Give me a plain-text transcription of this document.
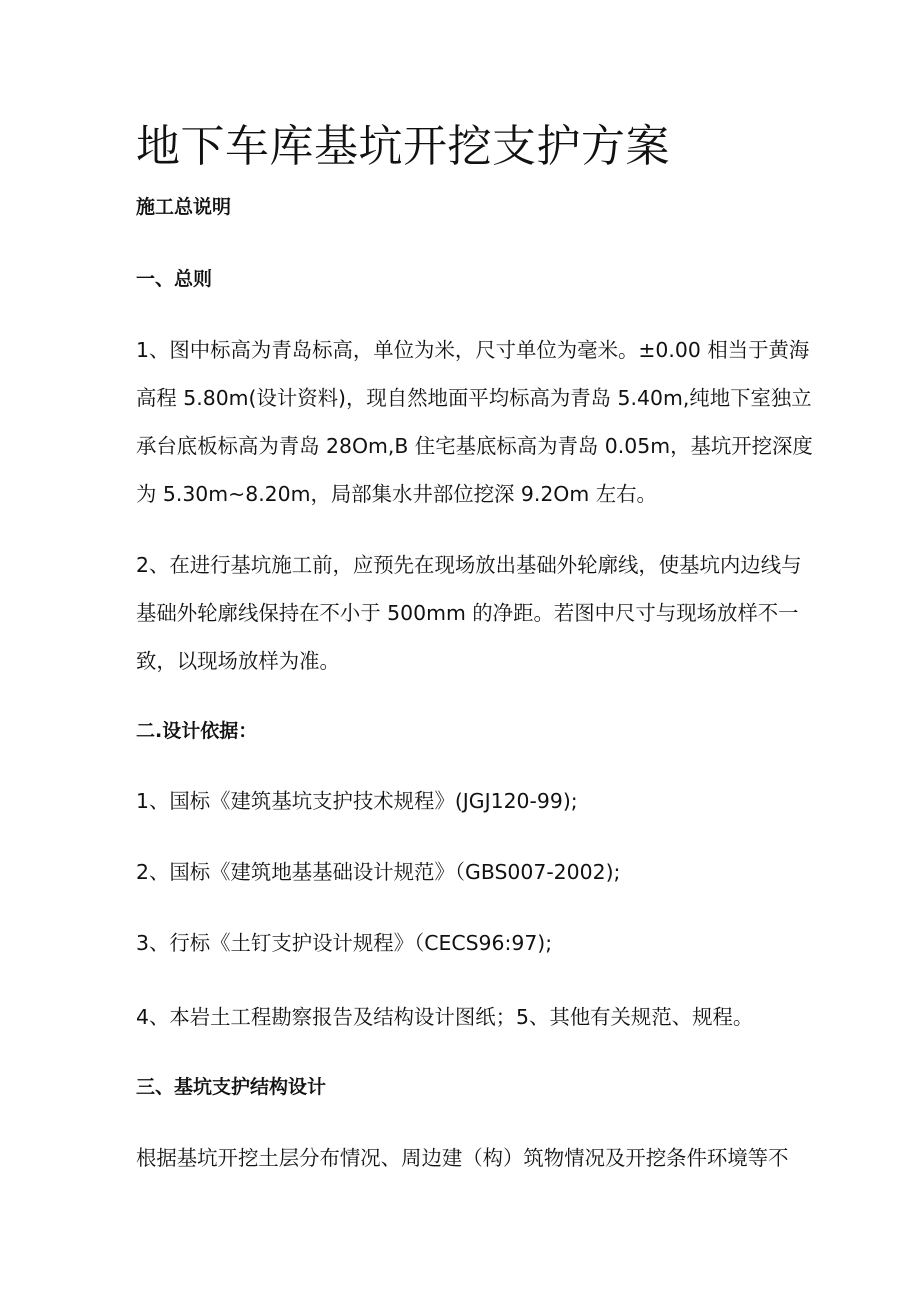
地下车库基坑开挖支护方案
施工总说明
一、总则
1、图中标高为青岛标高，单位为米，尺寸单位为毫米。±0.00 相当于黄海
高程 5.80m(设计资料)，现自然地面平均标高为青岛 5.40m,纯地下室独立
承台底板标高为青岛 28Om,B 住宅基底标高为青岛 0.05m，基坑开挖深度
为 5.30m~8.20m，局部集水井部位挖深 9.2Om 左右。
2、在进行基坑施工前，应预先在现场放出基础外轮廓线，使基坑内边线与
基础外轮廓线保持在不小于 500mm 的净距。若图中尺寸与现场放样不一
致，以现场放样为准。
二.设计依据：
1、国标《建筑基坑支护技术规程》(JGJ120-99);
2、国标《建筑地基基础设计规范》（GBS007-2002);
3、行标《土钉支护设计规程》（CECS96:97);
4、本岩土工程勘察报告及结构设计图纸；5、其他有关规范、规程。
三、基坑支护结构设计
根据基坑开挖土层分布情况、周边建（构）筑物情况及开挖条件环境等不
